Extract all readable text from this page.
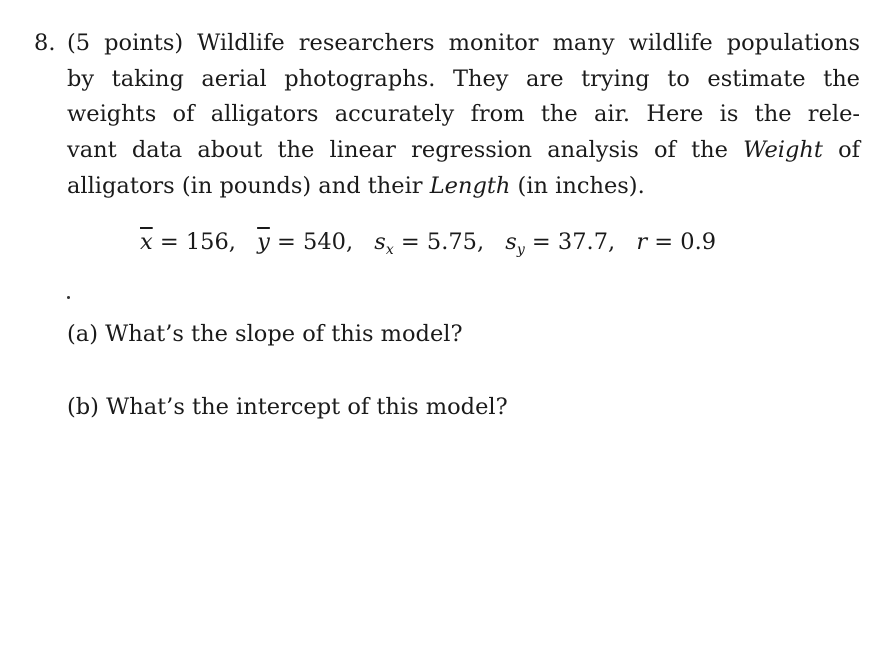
8. (5 points) Wildlife researchers monitor many wildlife populations
by taking aerial photographs. They are trying to estimate the
weights of alligators accurately from the air. Here is the rele-
vant data about the linear regression analysis of the Weight of
alligators (in pounds) and their Length (in inches).
$\overline{x} = 156$, $\overline{y} = 540$, $s_x = 5.75$, $s_y = 37.7$, r = 0.9
(a) What’s the slope of this model?
(b) What’s the intercept of this model?
